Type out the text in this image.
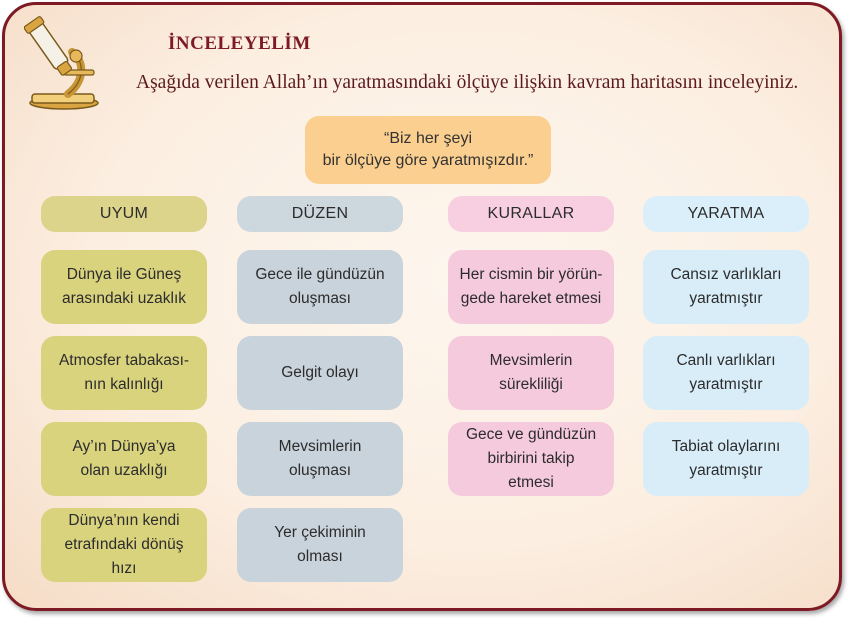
İNCELEYELİM
Aşağıda verilen Allah’ın yaratmasındaki ölçüye ilişkin kavram haritasını inceleyiniz.
“Biz her şeyi
bir ölçüye göre yaratmışızdır.”
UYUM
Dünya ile Güneş
arasındaki uzaklık
Atmosfer tabakası-
nın kalınlığı
Ay’ın Dünya’ya
olan uzaklığı
Dünya’nın kendi
etrafındaki dönüş
hızı
DÜZEN
Gece ile gündüzün
oluşması
Gelgit olayı
Mevsimlerin
oluşması
Yer çekiminin
olması
KURALLAR
Her cismin bir yörün-
gede hareket etmesi
Mevsimlerin
sürekliliği
Gece ve gündüzün
birbirini takip
etmesi
YARATMA
Cansız varlıkları
yaratmıştır
Canlı varlıkları
yaratmıştır
Tabiat olaylarını
yaratmıştır
